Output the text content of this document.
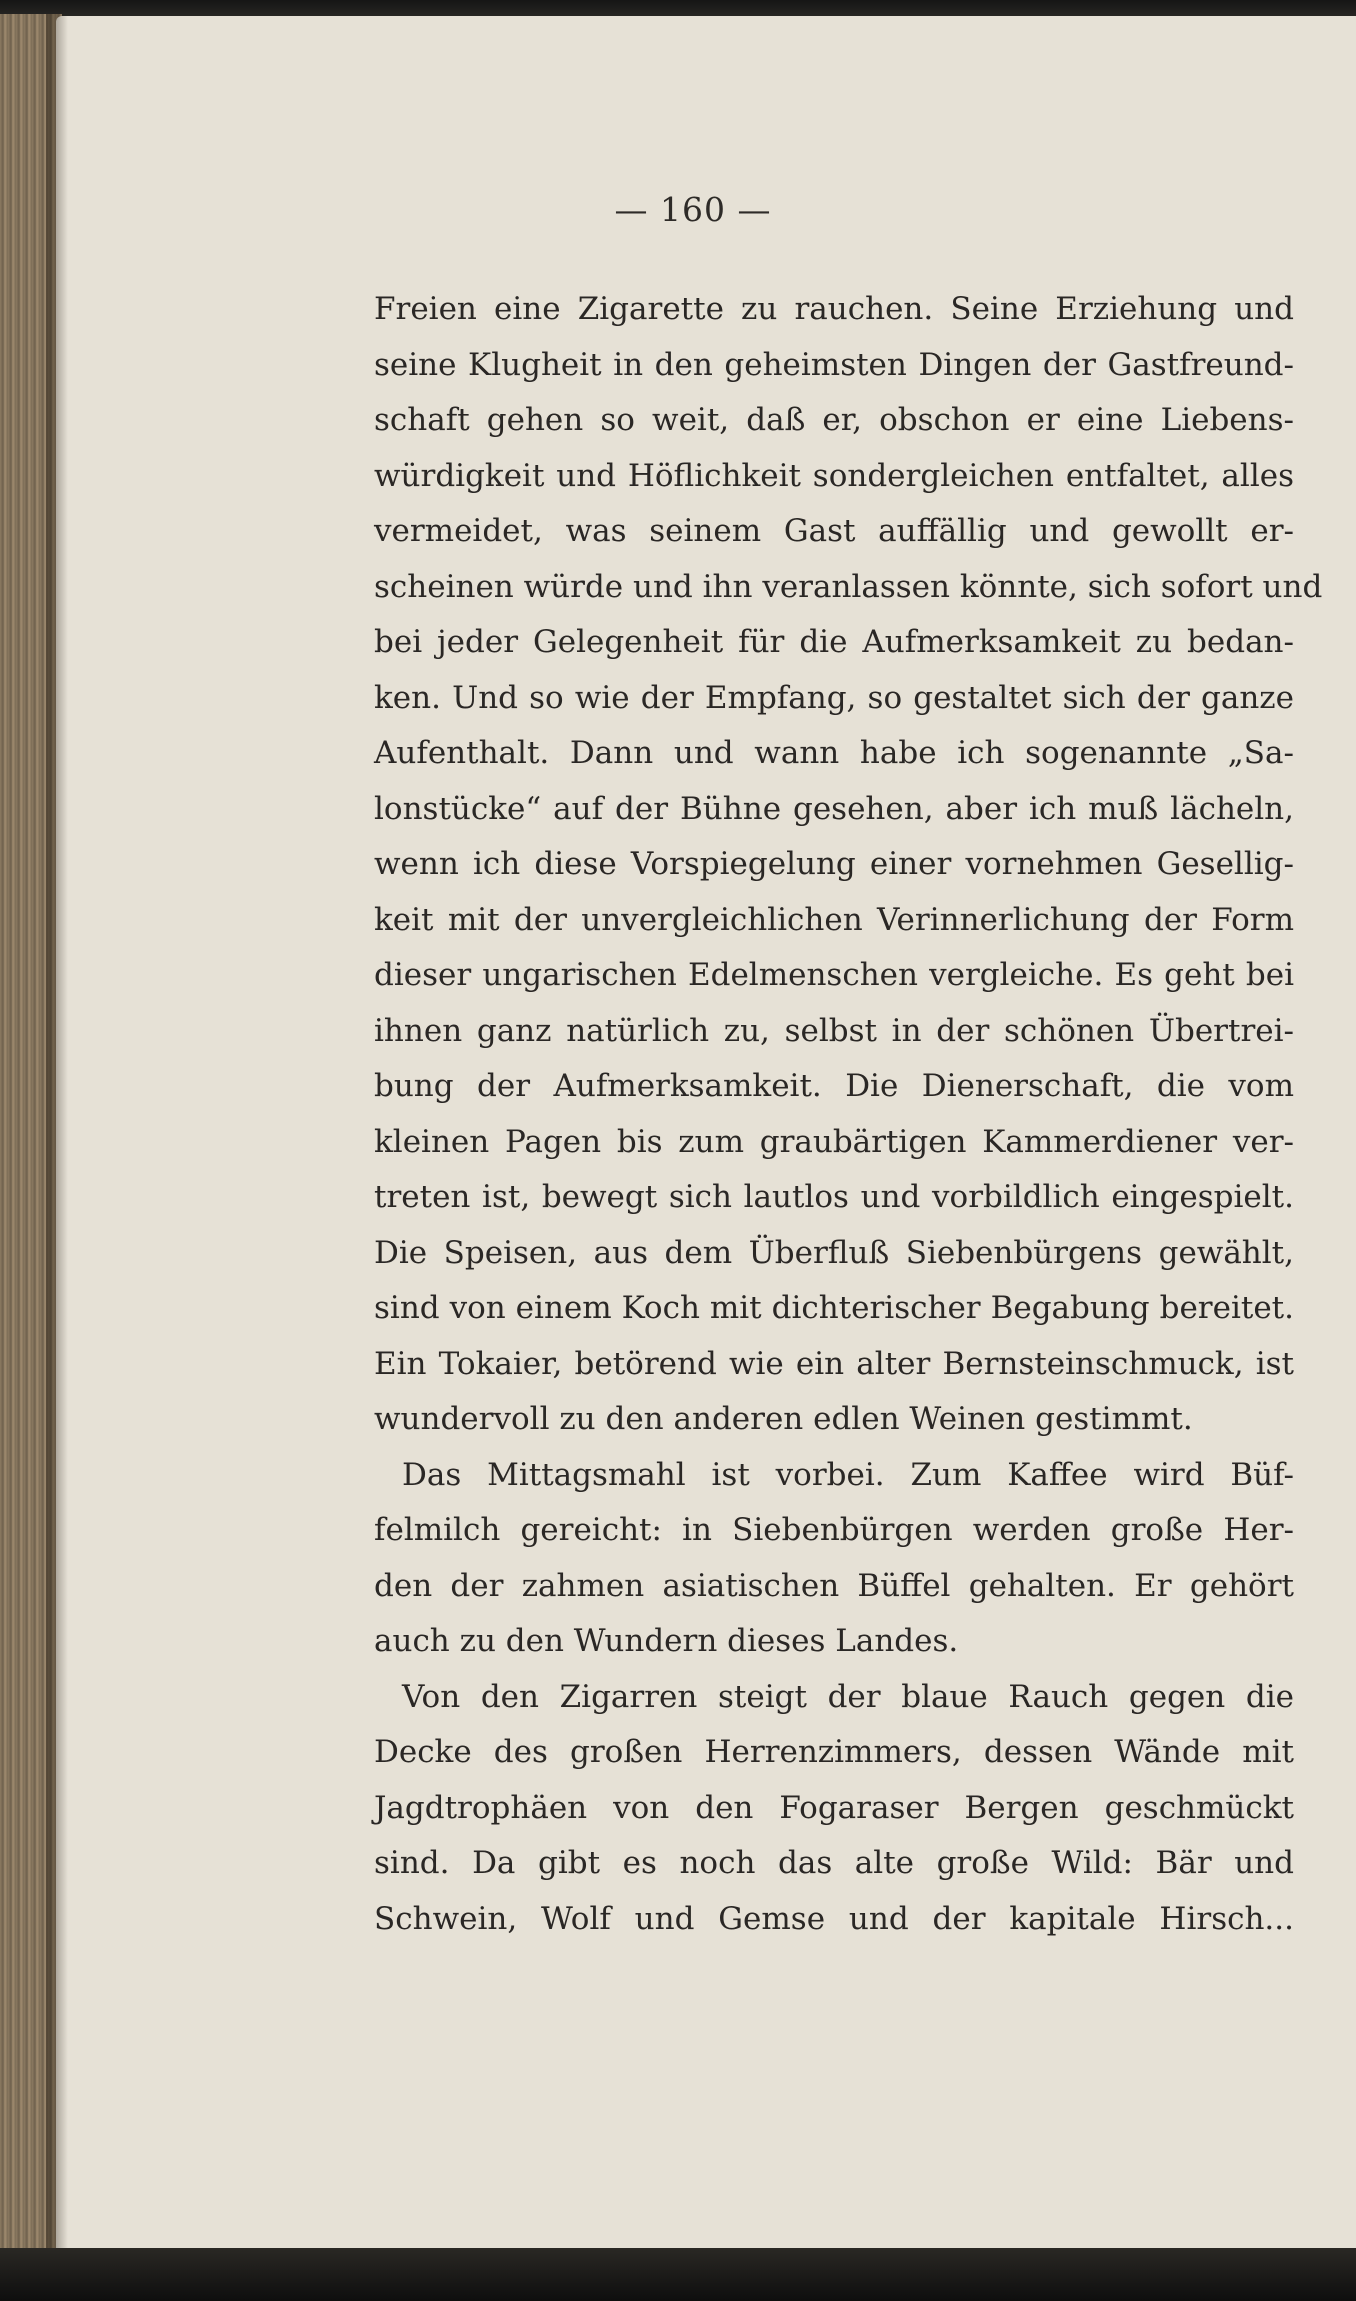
— 160 —
Freien eine Zigarette zu rauchen. Seine Erziehung und
seine Klugheit in den geheimsten Dingen der Gastfreund-
schaft gehen so weit, daß er, obschon er eine Liebens-
würdigkeit und Höflichkeit sondergleichen entfaltet, alles
vermeidet, was seinem Gast auffällig und gewollt er-
scheinen würde und ihn veranlassen könnte, sich sofort und
bei jeder Gelegenheit für die Aufmerksamkeit zu bedan-
ken. Und so wie der Empfang, so gestaltet sich der ganze
Aufenthalt. Dann und wann habe ich sogenannte „Sa-
lonstücke“ auf der Bühne gesehen, aber ich muß lächeln,
wenn ich diese Vorspiegelung einer vornehmen Gesellig-
keit mit der unvergleichlichen Verinnerlichung der Form
dieser ungarischen Edelmenschen vergleiche. Es geht bei
ihnen ganz natürlich zu, selbst in der schönen Übertrei-
bung der Aufmerksamkeit. Die Dienerschaft, die vom
kleinen Pagen bis zum graubärtigen Kammerdiener ver-
treten ist, bewegt sich lautlos und vorbildlich eingespielt.
Die Speisen, aus dem Überfluß Siebenbürgens gewählt,
sind von einem Koch mit dichterischer Begabung bereitet.
Ein Tokaier, betörend wie ein alter Bernsteinschmuck, ist
wundervoll zu den anderen edlen Weinen gestimmt.
Das Mittagsmahl ist vorbei. Zum Kaffee wird Büf-
felmilch gereicht: in Siebenbürgen werden große Her-
den der zahmen asiatischen Büffel gehalten. Er gehört
auch zu den Wundern dieses Landes.
Von den Zigarren steigt der blaue Rauch gegen die
Decke des großen Herrenzimmers, dessen Wände mit
Jagdtrophäen von den Fogaraser Bergen geschmückt
sind. Da gibt es noch das alte große Wild: Bär und
Schwein, Wolf und Gemse und der kapitale Hirsch...
